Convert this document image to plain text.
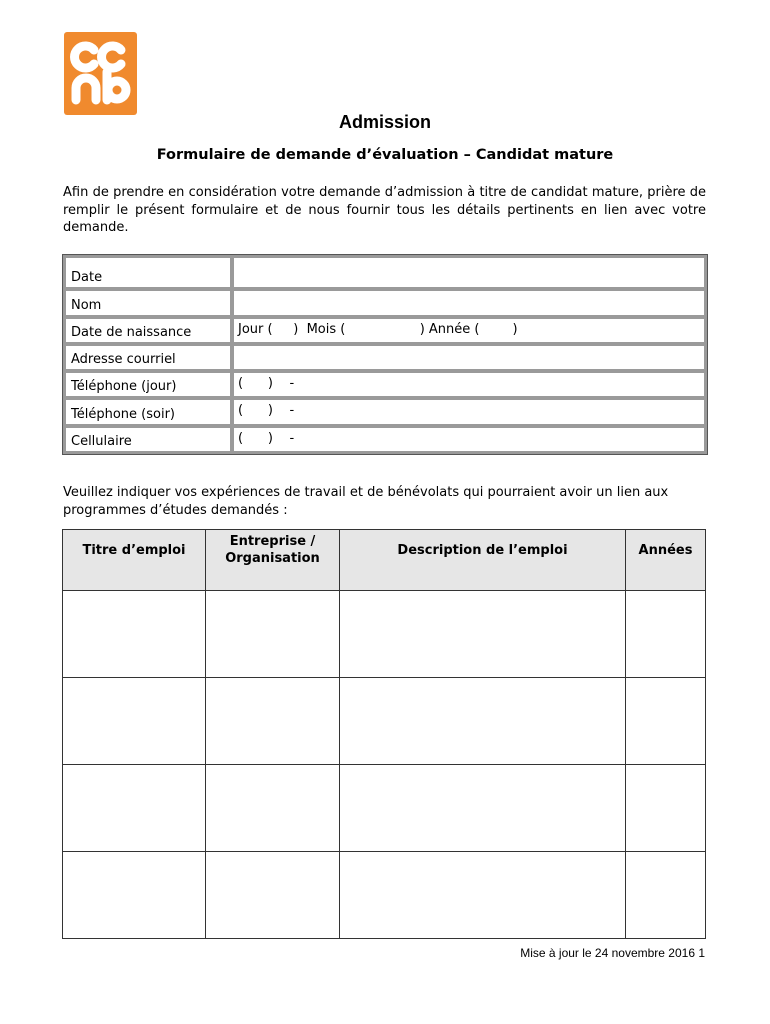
Admission
Formulaire de demande d’évaluation – Candidat mature
Afin de prendre en considération votre demande d’admission à titre de candidat mature, prière de remplir le présent formulaire et de nous fournir tous les détails pertinents en lien avec votre demande.
Date
Nom
Date de naissance	Jour (     )  Mois (                  ) Année (        )
Adresse courriel
Téléphone (jour)	(      )    -
Téléphone (soir)	(      )    -
Cellulaire	(      )    -
Veuillez indiquer vos expériences de travail et de bénévolats qui pourraient avoir un lien aux programmes d’études demandés :
Titre d’emploi	Entreprise / Organisation	Description de l’emploi	Années

Mise à jour le 24 novembre 2016 1
